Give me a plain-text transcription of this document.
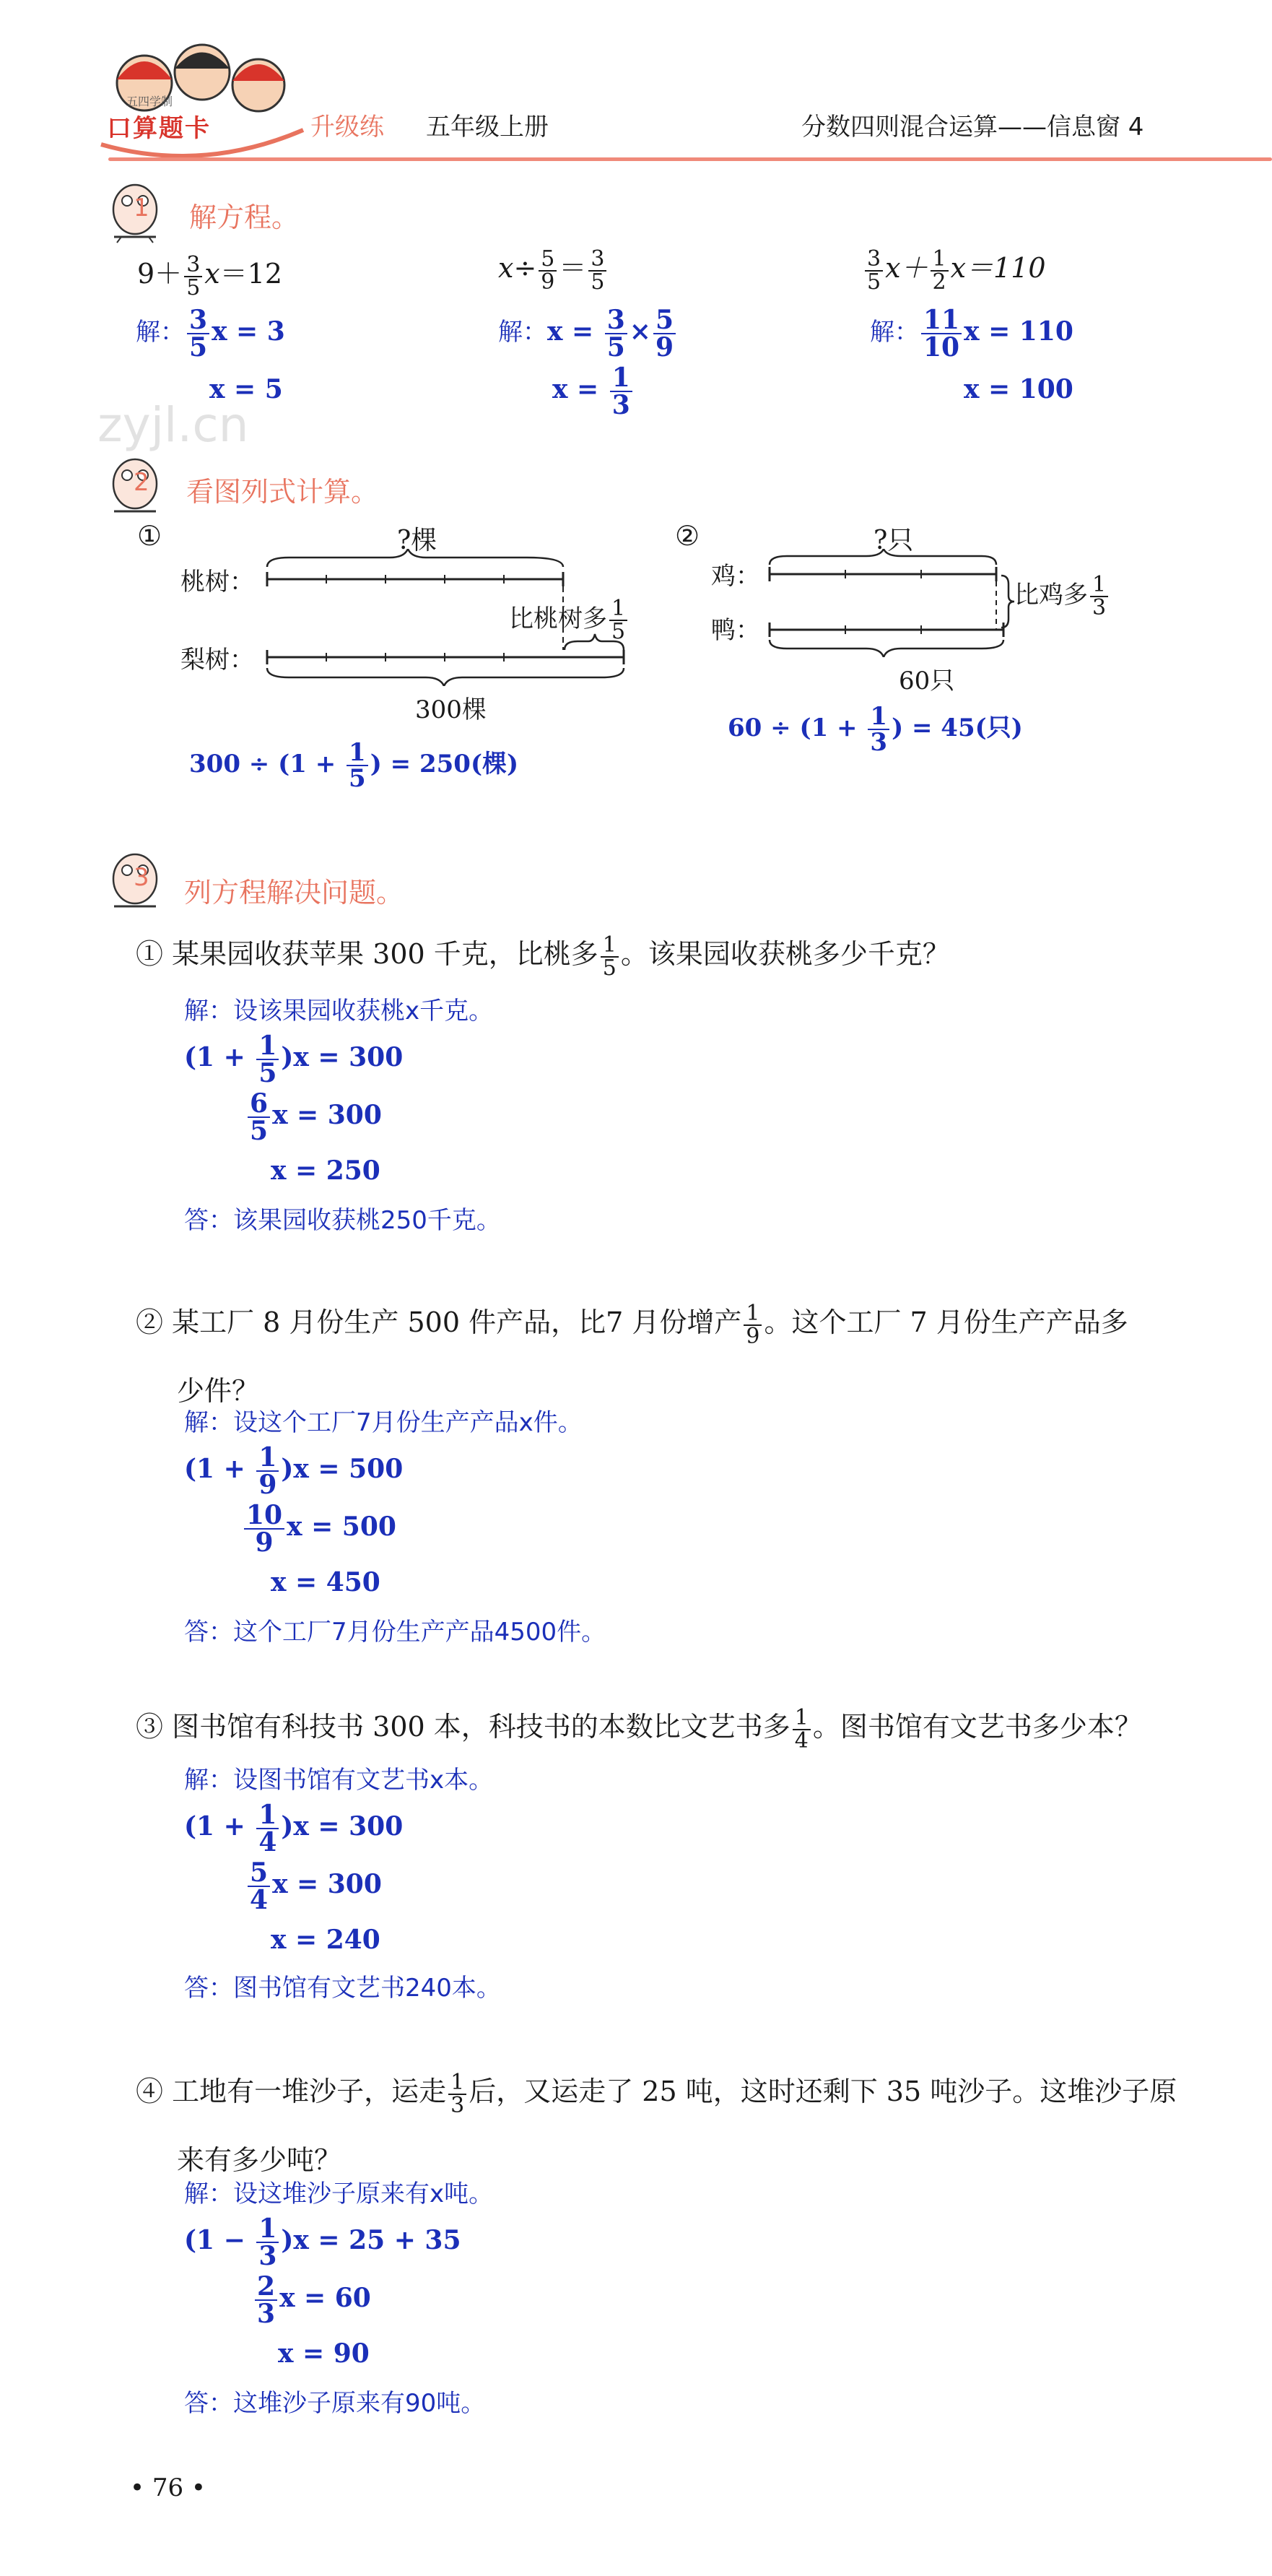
五四学制
口算题卡	升级练 五年级上册	分数四则混合运算——信息窗 4
zyjl.cn
1 解方程。
$9+ \frac{3}{5} x=12$
解： $\frac{3}{5}$ x = 3
x = 5
$x\div \frac{5}{9} = \frac{3}{5}$
解：$x = \frac{3}{5} \times \frac{5}{9}$
$x = \frac{1}{3}$
$\frac{3}{5} x+ \frac{1}{2} x=110$
解： $\frac{11}{10}$ x = 110
x = 100
2 看图列式计算。
①	?棵
桃树：
梨树：
比桃树多 $\frac{1}{5}$
300棵
$300 \div (1 + \frac{1}{5}$ ) = 250(棵)
②	?只
鸡：
鸭：
比鸡多 $\frac{1}{3}$
60只
$60 \div (1 + \frac{1}{3}$ ) = 45(只)
3 列方程解决问题。
① 某果园收获苹果 300 千克，比桃多 $\frac{1}{5}$ 。该果园收获桃多少千克？
解：设该果园收获桃x千克。
$(1 + \frac{1}{5} )x = 300$
$\frac{6}{5}$ x = 300
x = 250
答：该果园收获桃250千克。
② 某工厂 8 月份生产 500 件产品，比7 月份增产 $\frac{1}{9}$ 。这个工厂 7 月份生产产品多
少件？
解：设这个工厂7月份生产产品x件。
$(1 + \frac{1}{9} )x = 500$
$\frac{10}{9}$ x = 500
x = 450
答：这个工厂7月份生产产品4500件。
③ 图书馆有科技书 300 本，科技书的本数比文艺书多 $\frac{1}{4}$ 。图书馆有文艺书多少本？
解：设图书馆有文艺书x本。
$(1 + \frac{1}{4} )x = 300$
$\frac{5}{4}$ x = 300
x = 240
答：图书馆有文艺书240本。
④ 工地有一堆沙子，运走 $\frac{1}{3}$ 后，又运走了 25 吨，这时还剩下 35 吨沙子。这堆沙子原
来有多少吨？
解：设这堆沙子原来有x吨。
$(1 - \frac{1}{3} )x = 25 + 35$
$\frac{2}{3}$ x = 60
x = 90
答：这堆沙子原来有90吨。
• 76 •
